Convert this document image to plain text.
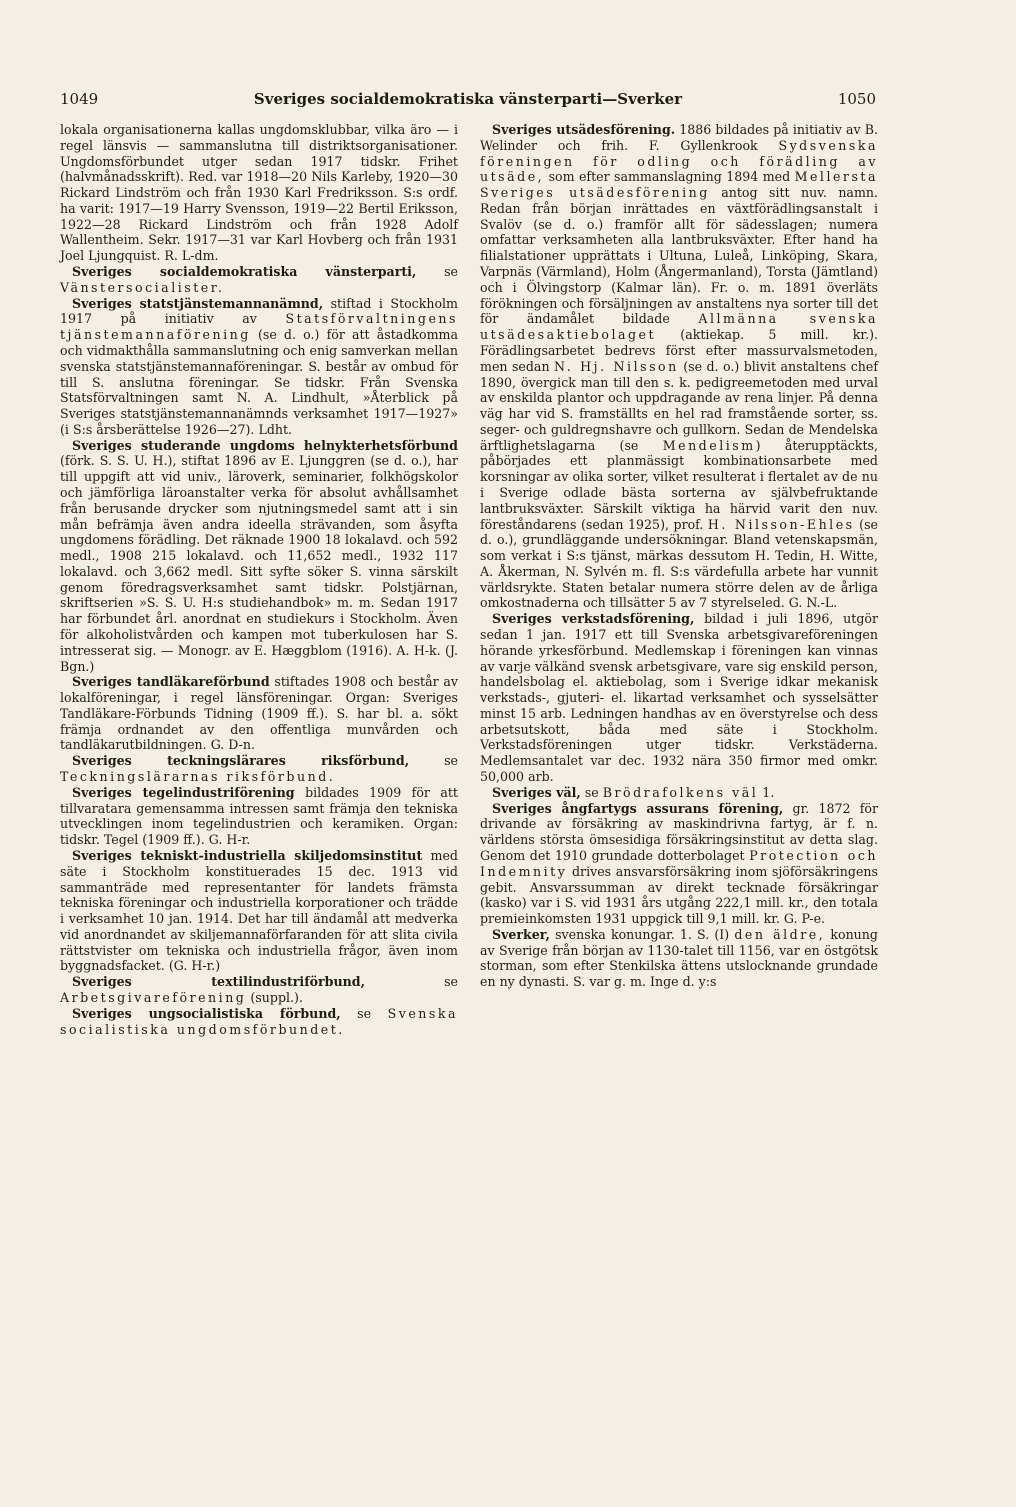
1049	Sveriges socialdemokratiska vänsterparti—Sverker	1050

lokala organisationerna kallas ungdomsklubbar, vilka äro — i regel länsvis — sammanslutna till distriktsorganisationer. Ungdomsförbundet utger sedan 1917 tidskr. Frihet (halvmånadsskrift). Red. var 1918—20 Nils Karleby, 1920—30 Rickard Lindström och från 1930 Karl Fredriksson. S:s ordf. ha varit: 1917—19 Harry Svensson, 1919—22 Bertil Eriksson, 1922—28 Rickard Lindström och från 1928 Adolf Wallentheim. Sekr. 1917—31 var Karl Hovberg och från 1931 Joel Ljungquist. R. L-dm.

Sveriges socialdemokratiska vänsterparti, se Vänstersocialister.

Sveriges statstjänstemannanämnd, stiftad i Stockholm 1917 på initiativ av Statsförvaltningens tjänstemannaförening (se d. o.) för att åstadkomma och vidmakthålla sammanslutning och enig samverkan mellan svenska statstjänstemannaföreningar. S. består av ombud för till S. anslutna föreningar. Se tidskr. Från Svenska Statsförvaltningen samt N. A. Lindhult, »Återblick på Sveriges statstjänstemannanämnds verksamhet 1917—1927» (i S:s årsberättelse 1926—27). Ldht.

Sveriges studerande ungdoms helnykterhetsförbund (förk. S. S. U. H.), stiftat 1896 av E. Ljunggren (se d. o.), har till uppgift att vid univ., läroverk, seminarier, folkhögskolor och jämförliga läroanstalter verka för absolut avhållsamhet från berusande drycker som njutningsmedel samt att i sin mån befrämja även andra ideella strävanden, som åsyfta ungdomens förädling. Det räknade 1900 18 lokalavd. och 592 medl., 1908 215 lokalavd. och 11,652 medl., 1932 117 lokalavd. och 3,662 medl. Sitt syfte söker S. vinna särskilt genom föredragsverksamhet samt tidskr. Polstjärnan, skriftserien »S. S. U. H:s studiehandbok» m. m. Sedan 1917 har förbundet årl. anordnat en studiekurs i Stockholm. Även för alkoholistvården och kampen mot tuberkulosen har S. intresserat sig. — Monogr. av E. Hæggblom (1916). A. H-k. (J. Bgn.)

Sveriges tandläkareförbund stiftades 1908 och består av lokalföreningar, i regel länsföreningar. Organ: Sveriges Tandläkare-Förbunds Tidning (1909 ff.). S. har bl. a. sökt främja ordnandet av den offentliga munvården och tandläkarutbildningen. G. D-n.

Sveriges teckningslärares riksförbund,	se Teckningslärarnas riksförbund.

Sveriges tegelindustriförening bildades 1909 för att tillvaratara gemensamma intressen samt främja den tekniska utvecklingen inom tegelindustrien och keramiken. Organ: tidskr. Tegel (1909 ff.). G. H-r.

Sveriges tekniskt-industriella skiljedomsinstitut med säte i Stockholm konstituerades 15 dec. 1913 vid sammanträde med representanter för landets främsta tekniska föreningar och industriella korporationer och trädde i verksamhet 10 jan. 1914. Det har till ändamål att medverka vid anordnandet av skiljemannaförfaranden för att slita civila rättstvister om tekniska och industriella frågor, även inom byggnadsfacket. (G. H-r.)

Sveriges textilindustriförbund,	se Arbetsgivareförening (suppl.).

Sveriges ungsocialistiska förbund, se Svenska socialistiska ungdomsförbundet.

Sveriges utsädesförening. 1886 bildades på initiativ av B. Welinder och frih. F. Gyllenkrook Sydsvenska föreningen för odling och förädling av utsäde, som efter sammanslagning 1894 med Mellersta Sveriges utsädesförening antog sitt nuv. namn. Redan från början inrättades en växtförädlingsanstalt i Svalöv (se d. o.) framför allt för sädesslagen; numera omfattar verksamheten alla lantbruksväxter. Efter hand ha filialstationer upprättats i Ultuna, Luleå, Linköping, Skara, Varpnäs (Värmland), Holm (Ångermanland), Torsta (Jämtland) och i Ölvingstorp (Kalmar län). Fr. o. m. 1891 överläts förökningen och försäljningen av anstaltens nya sorter till det för ändamålet bildade Allmänna svenska utsädesaktiebolaget (aktiekap. 5 mill. kr.). Förädlingsarbetet bedrevs först efter massurvalsmetoden, men sedan N. Hj. Nilsson (se d. o.) blivit anstaltens chef 1890, övergick man till den s. k. pedigreemetoden med urval av enskilda plantor och uppdragande av rena linjer. På denna väg har vid S. framställts en hel rad framstående sorter, ss. seger- och guldregnshavre och gullkorn. Sedan de Mendelska ärftlighetslagarna (se Mendelism) återupptäckts, påbörjades ett planmässigt kombinationsarbete med korsningar av olika sorter, vilket resulterat i flertalet av de nu i Sverige odlade bästa sorterna av självbefruktande lantbruksväxter. Särskilt viktiga ha härvid varit den nuv. föreståndarens (sedan 1925), prof. H. Nilsson-Ehles (se d. o.), grundläggande undersökningar. Bland vetenskapsmän, som verkat i S:s tjänst, märkas dessutom H. Tedin, H. Witte, A. Åkerman, N. Sylvén m. fl. S:s värdefulla arbete har vunnit världsrykte. Staten betalar numera större delen av de årliga omkostnaderna och tillsätter 5 av 7 styrelseled. G. N.-L.

Sveriges verkstadsförening, bildad i juli 1896, utgör sedan 1 jan. 1917 ett till Svenska arbetsgivareföreningen hörande yrkesförbund. Medlemskap i föreningen kan vinnas av varje välkänd svensk arbetsgivare, vare sig enskild person, handelsbolag el. aktiebolag, som i Sverige idkar mekanisk verkstads-, gjuteri- el. likartad verksamhet och sysselsätter minst 15 arb. Ledningen handhas av en överstyrelse och dess arbetsutskott, båda med säte i Stockholm. Verkstadsföreningen utger tidskr. Verkstäderna. Medlemsantalet var dec. 1932 nära 350 firmor med omkr. 50,000 arb.

Sveriges väl, se Brödrafolkens väl 1.

Sveriges ångfartygs assurans förening, gr. 1872 för drivande av försäkring av maskindrivna fartyg, är f. n. världens största ömsesidiga försäkringsinstitut av detta slag. Genom det 1910 grundade dotterbolaget Protection och Indemnity drives ansvarsförsäkring inom sjöförsäkringens gebit. Ansvarssumman av direkt tecknade försäkringar (kasko) var i S. vid 1931 års utgång 222,1 mill. kr., den totala premieinkomsten 1931 uppgick till 9,1 mill. kr. G. P-e.

Sverker, svenska konungar. 1. S. (I) den äldre, konung av Sverige från början av 1130-talet till 1156, var en östgötsk storman, som efter Stenkilska ättens utslocknande grundade en ny dynasti. S. var g. m. Inge d. y:s
